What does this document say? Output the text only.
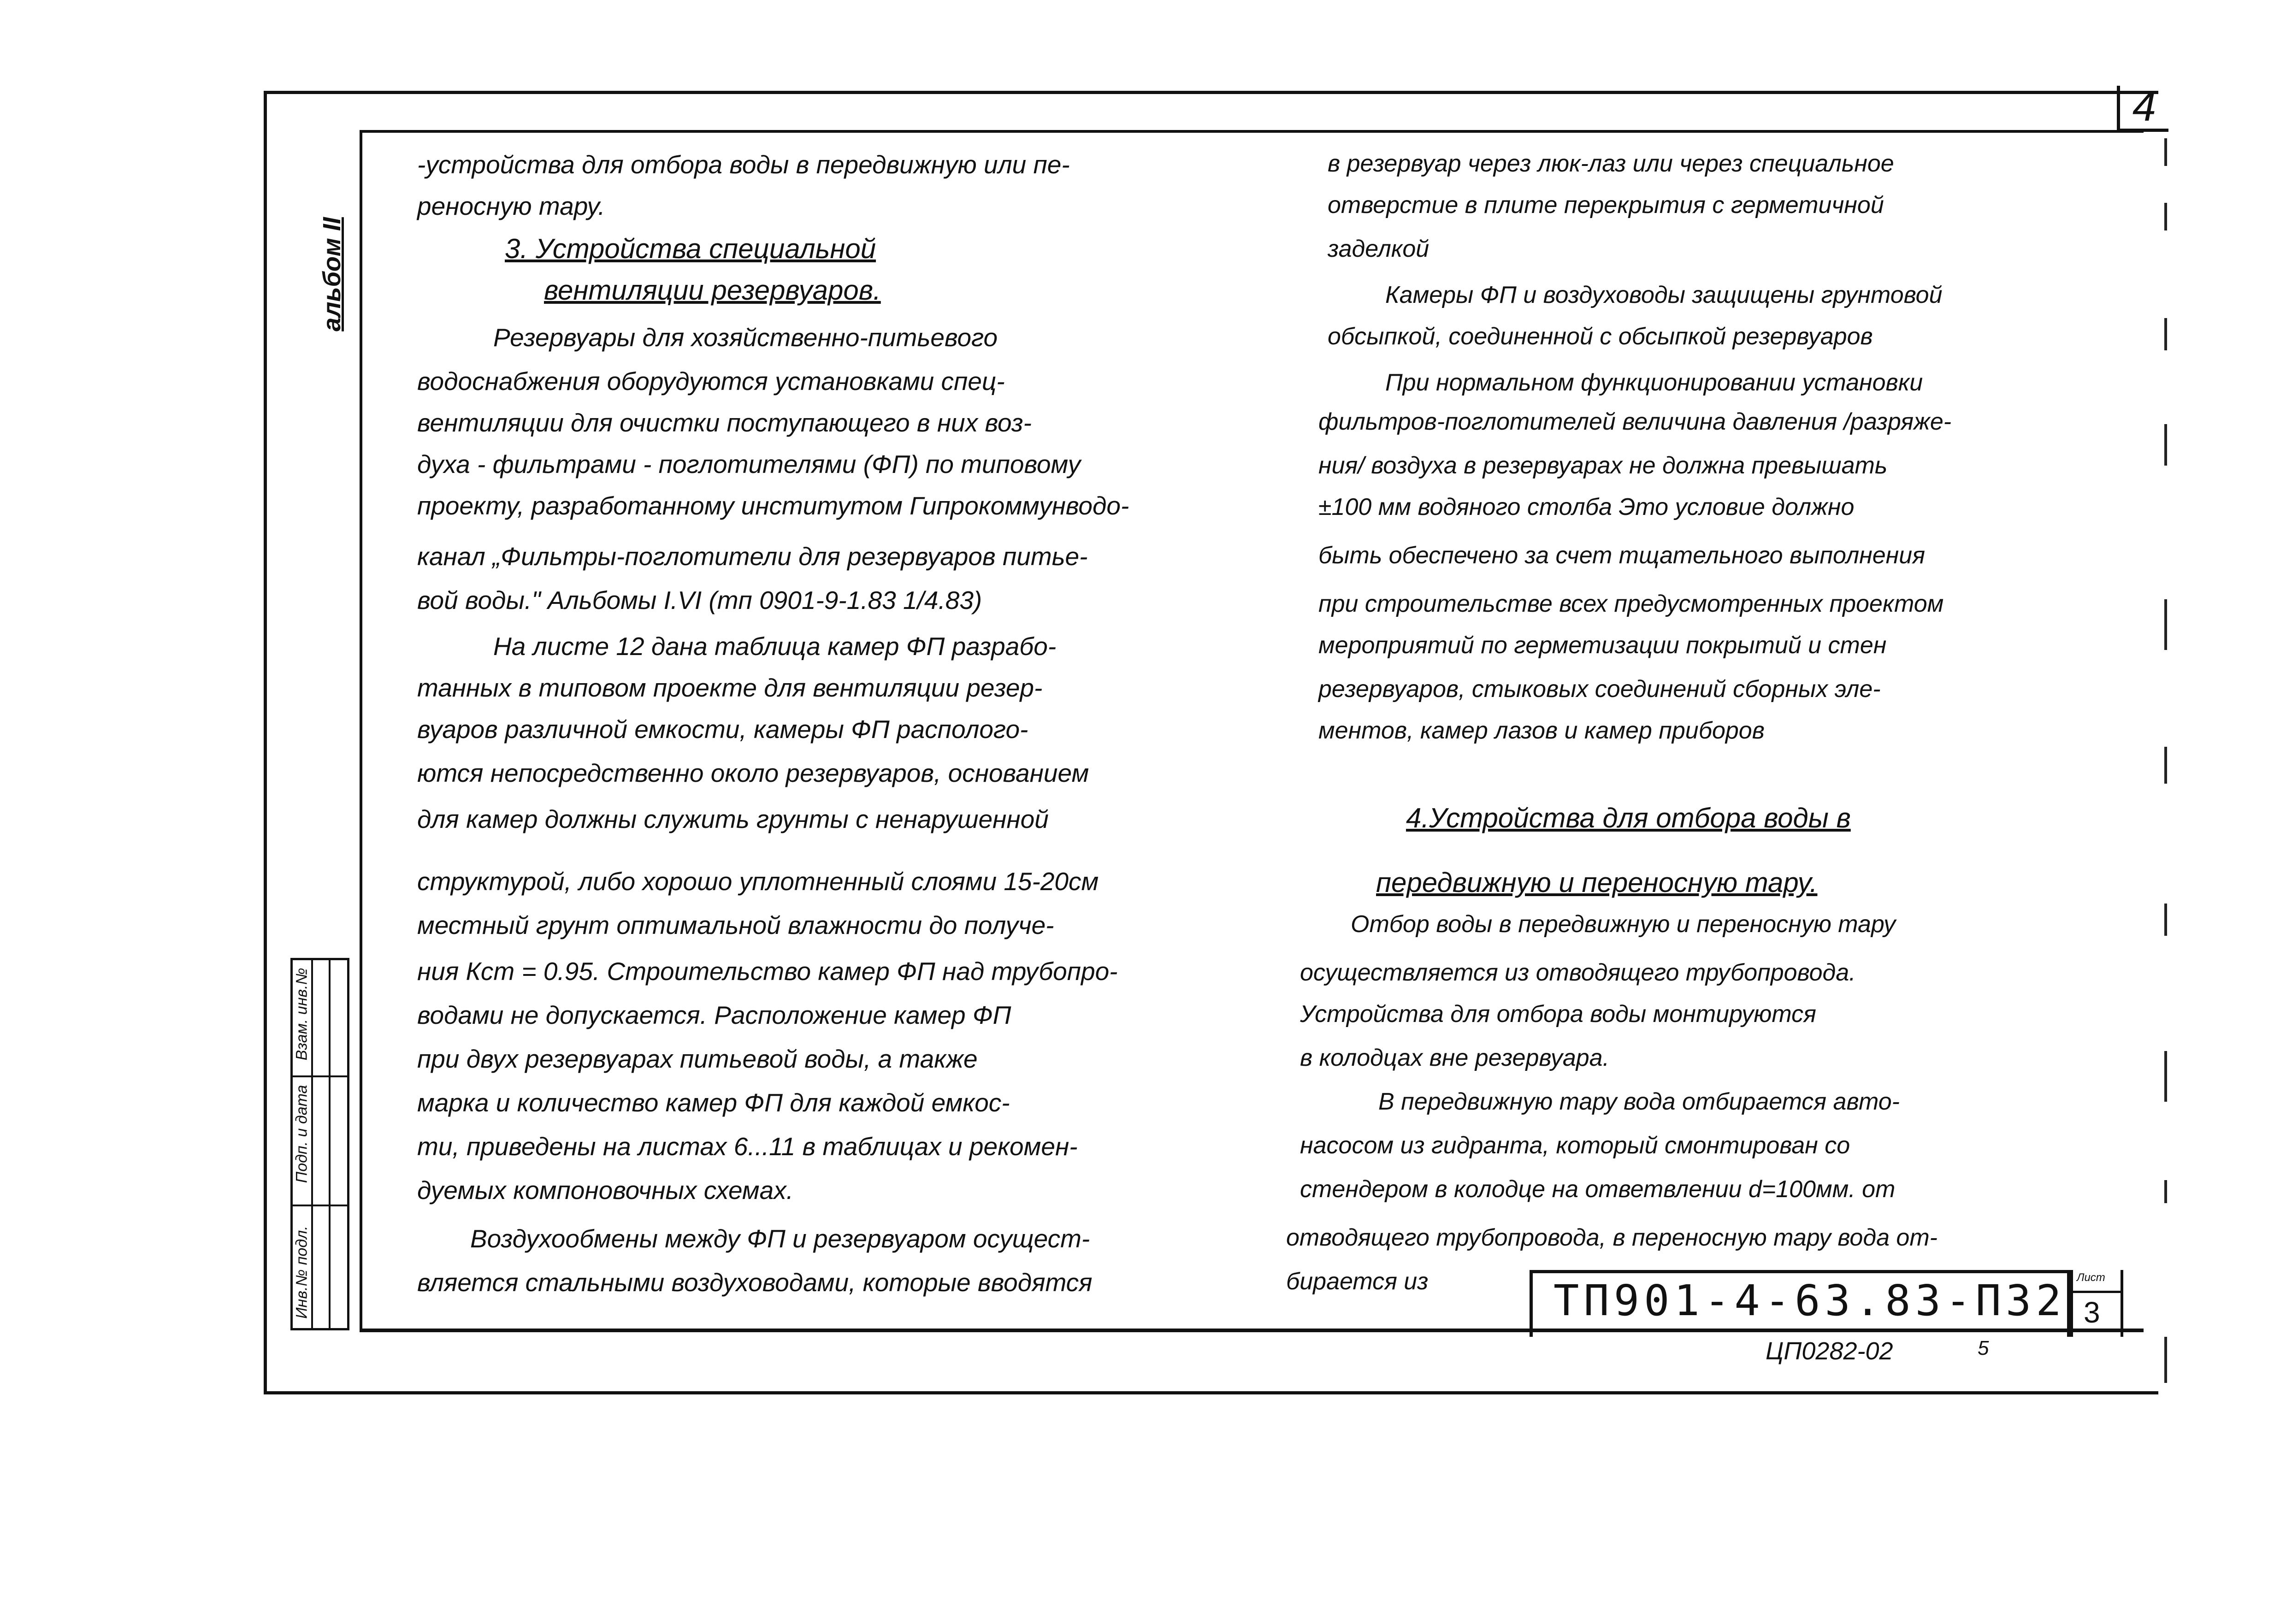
4
альбом II
Инв.№ подл.
Подп. и дата
Взам. инв.№
-устройства для отбора воды в передвижную или пе-
реносную тару.
3. Устройства специальной
вентиляции резервуаров.
Резервуары для хозяйственно-питьевого
водоснабжения оборудуются установками спец-
вентиляции для очистки поступающего в них воз-
духа - фильтрами - поглотителями (ФП) по типовому
проекту, разработанному институтом Гипрокоммунводо-
канал „Фильтры-поглотители для резервуаров питье-
вой воды." Альбомы I.VI (тп 0901-9-1.83 1/4.83)
На листе 12 дана таблица камер ФП разрабо-
танных в типовом проекте для вентиляции резер-
вуаров различной емкости, камеры ФП располого-
ются непосредственно около резервуаров, основанием
для камер должны служить грунты с ненарушенной
структурой, либо хорошо уплотненный слоями 15-20см
местный грунт оптимальной влажности до получе-
ния Кст = 0.95. Строительство камер ФП над трубопро-
водами не допускается. Расположение камер ФП
при двух резервуарах питьевой воды, а также
марка и количество камер ФП для каждой емкос-
ти, приведены на листах 6...11 в таблицах и рекомен-
дуемых компоновочных схемах.
Воздухообмены между ФП и резервуаром осущест-
вляется стальными воздуховодами, которые вводятся
в резервуар через люк-лаз или через специальное
отверстие в плите перекрытия с герметичной
заделкой
Камеры ФП и воздуховоды защищены грунтовой
обсыпкой, соединенной с обсыпкой резервуаров
При нормальном функционировании установки
фильтров-поглотителей величина давления /разряже-
ния/ воздуха в резервуарах не должна превышать
±100 мм водяного столба Это условие должно
быть обеспечено за счет тщательного выполнения
при строительстве всех предусмотренных проектом
мероприятий по герметизации покрытий и стен
резервуаров, стыковых соединений сборных эле-
ментов, камер лазов и камер приборов
4.Устройства для отбора воды в
передвижную и переносную тару.
Отбор воды в передвижную и переносную тару
осуществляется из отводящего трубопровода.
Устройства для отбора воды монтируются
в колодцах вне резервуара.
В передвижную тару вода отбирается авто-
насосом из гидранта, который смонтирован со
стендером в колодце на ответвлении d=100мм. от
отводящего трубопровода, в переносную тару вода от-
бирается из	ТП901-4-63.83-П32 Лист
3
ЦП0282-02	5
